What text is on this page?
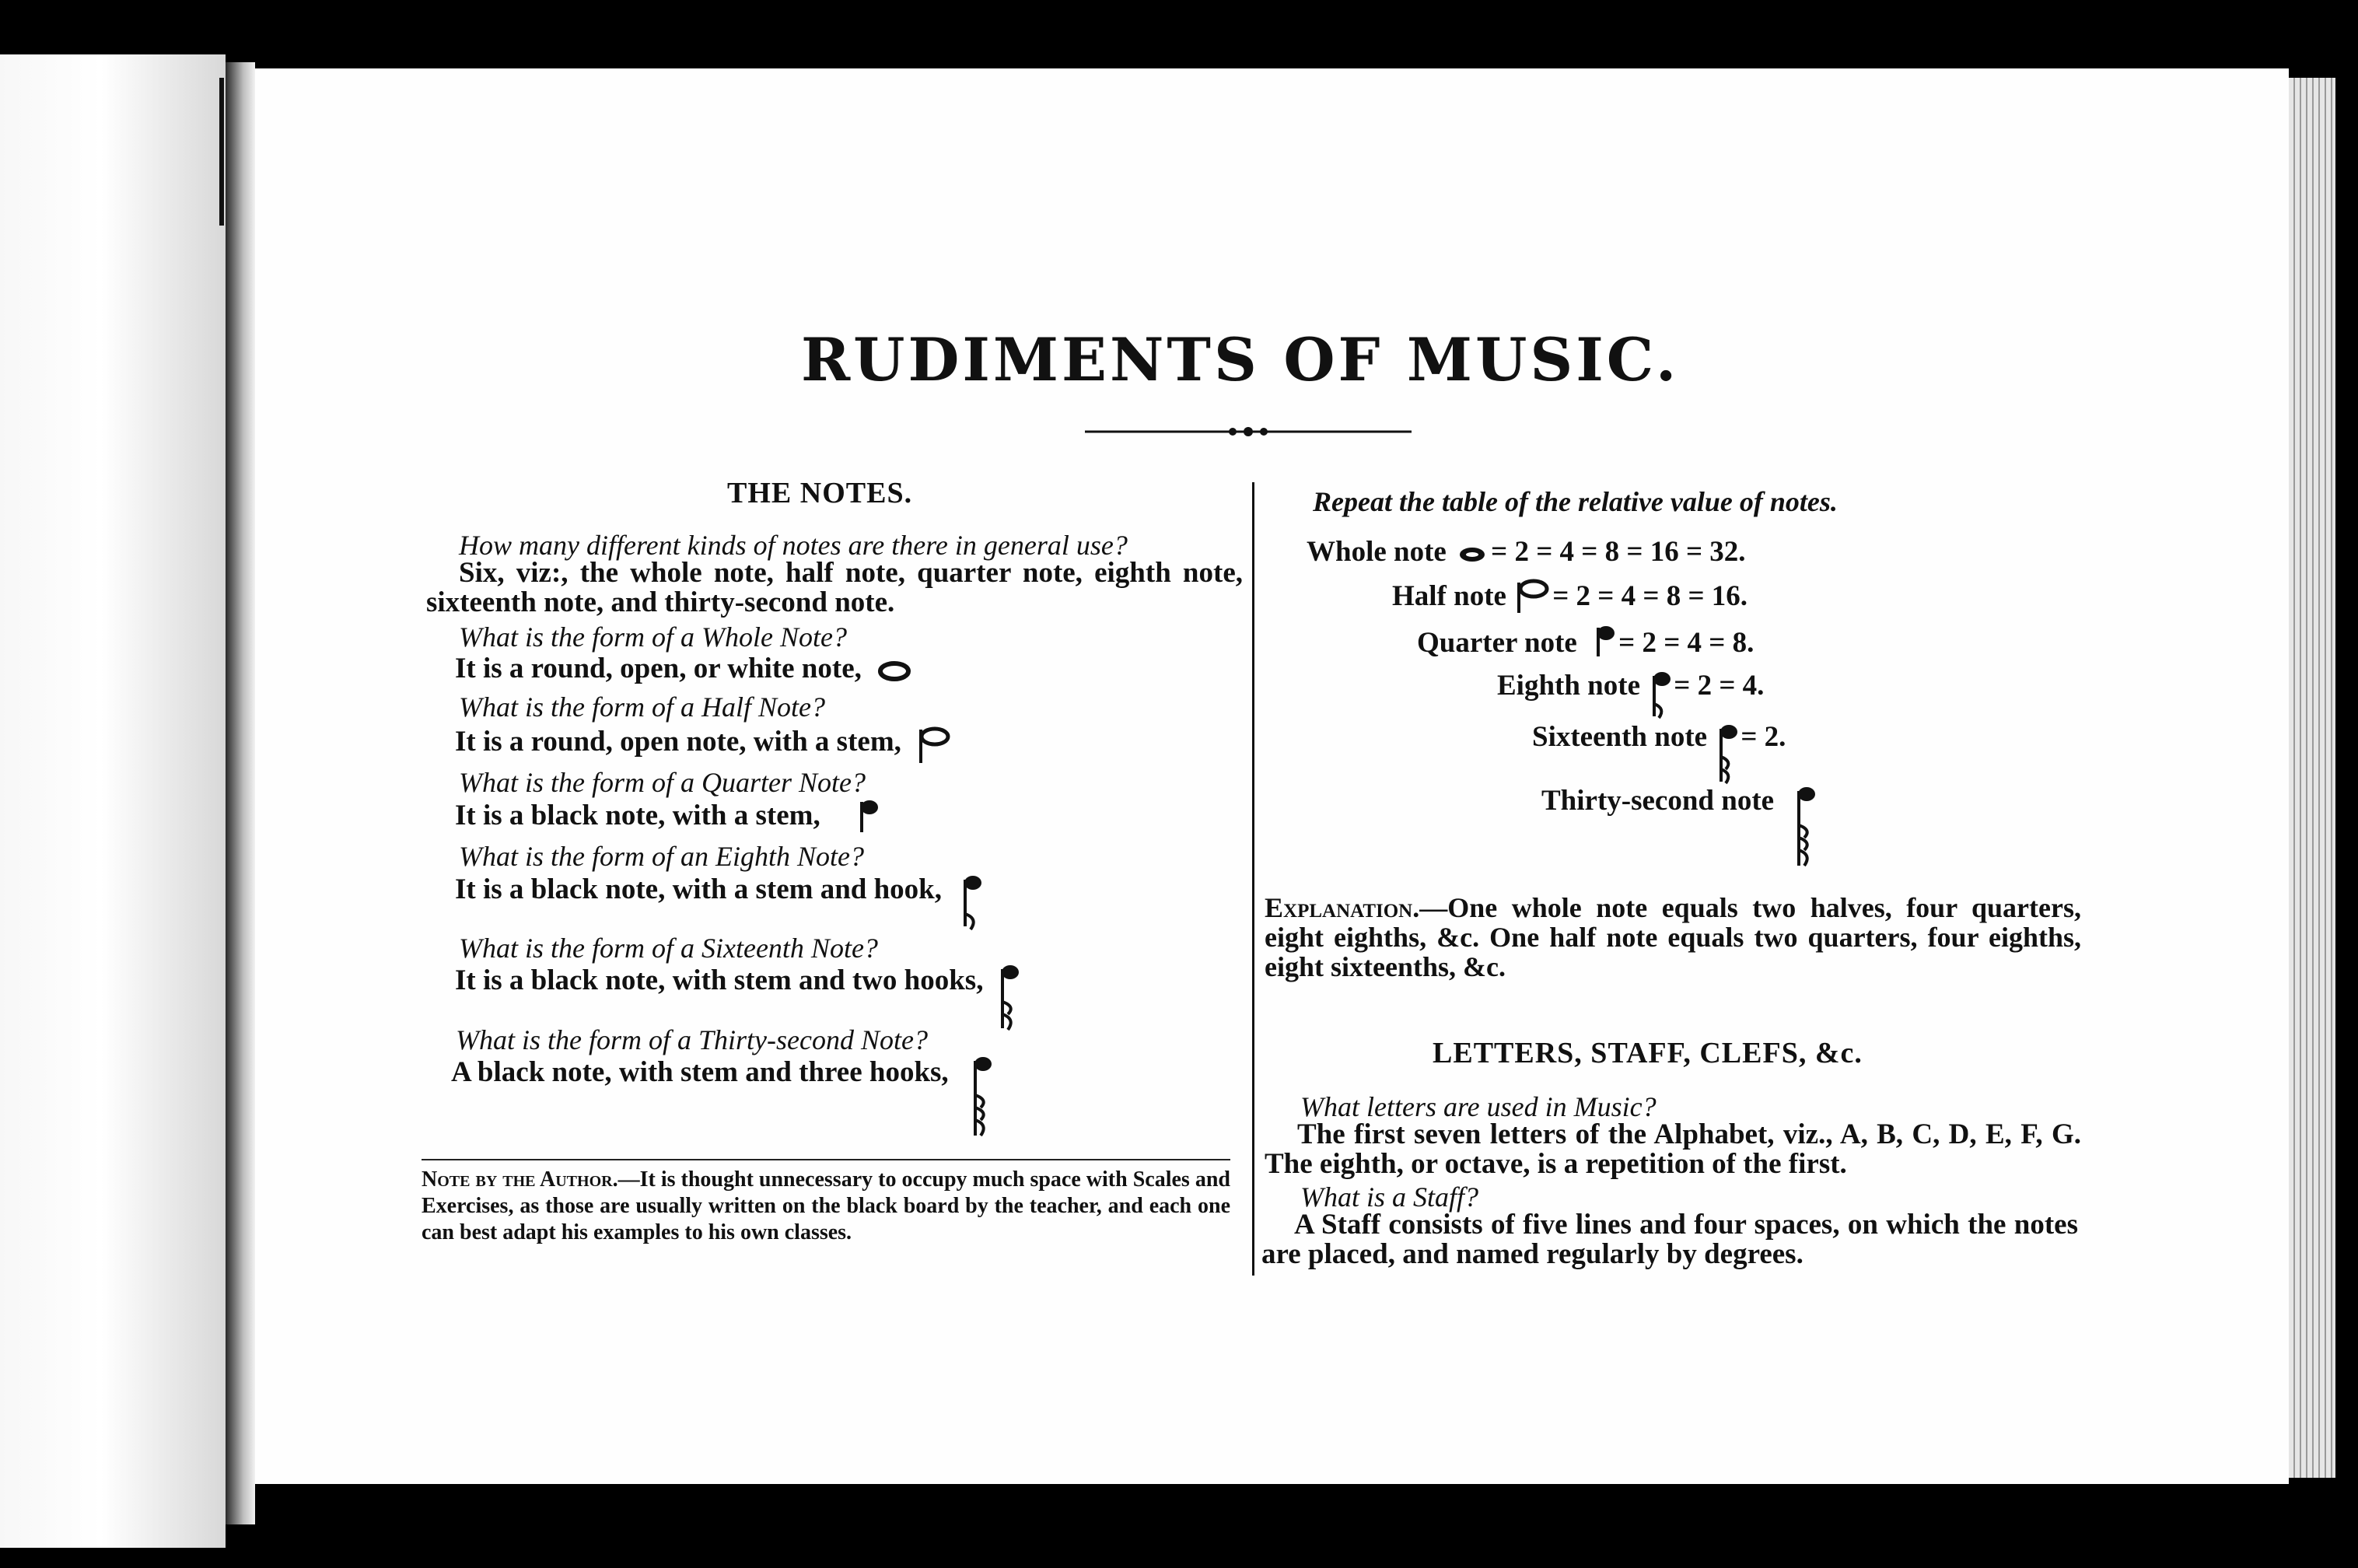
RUDIMENTS OF MUSIC.
THE NOTES.
How many different kinds of notes are there in general use?
Six, viz:, the whole note, half note, quarter note, eighth note, sixteenth note, and thirty-second note.
What is the form of a Whole Note?
It is a round, open, or white note,
What is the form of a Half Note?
It is a round, open note, with a stem,
What is the form of a Quarter Note?
It is a black note, with a stem,
What is the form of an Eighth Note?
It is a black note, with a stem and hook,
What is the form of a Sixteenth Note?
It is a black note, with stem and two hooks,
What is the form of a Thirty-second Note?
A black note, with stem and three hooks,

Note by the Author.—It is thought unnecessary to occupy much space with Scales and Exercises, as those are usually written on the black board by the teacher, and each one can best adapt his examples to his own classes.

Repeat the table of the relative value of notes.
Whole note = 2 = 4 = 8 = 16 = 32.
Half note = 2 = 4 = 8 = 16.
Quarter note = 2 = 4 = 8.
Eighth note = 2 = 4.
Sixteenth note = 2.
Thirty-second note

Explanation.—One whole note equals two halves, four quarters, eight eighths, &c. One half note equals two quarters, four eighths, eight sixteenths, &c.

LETTERS, STAFF, CLEFS, &c.
What letters are used in Music?
The first seven letters of the Alphabet, viz., A, B, C, D, E, F, G. The eighth, or octave, is a repetition of the first.
What is a Staff?
A Staff consists of five lines and four spaces, on which the notes are placed, and named regularly by degrees.
